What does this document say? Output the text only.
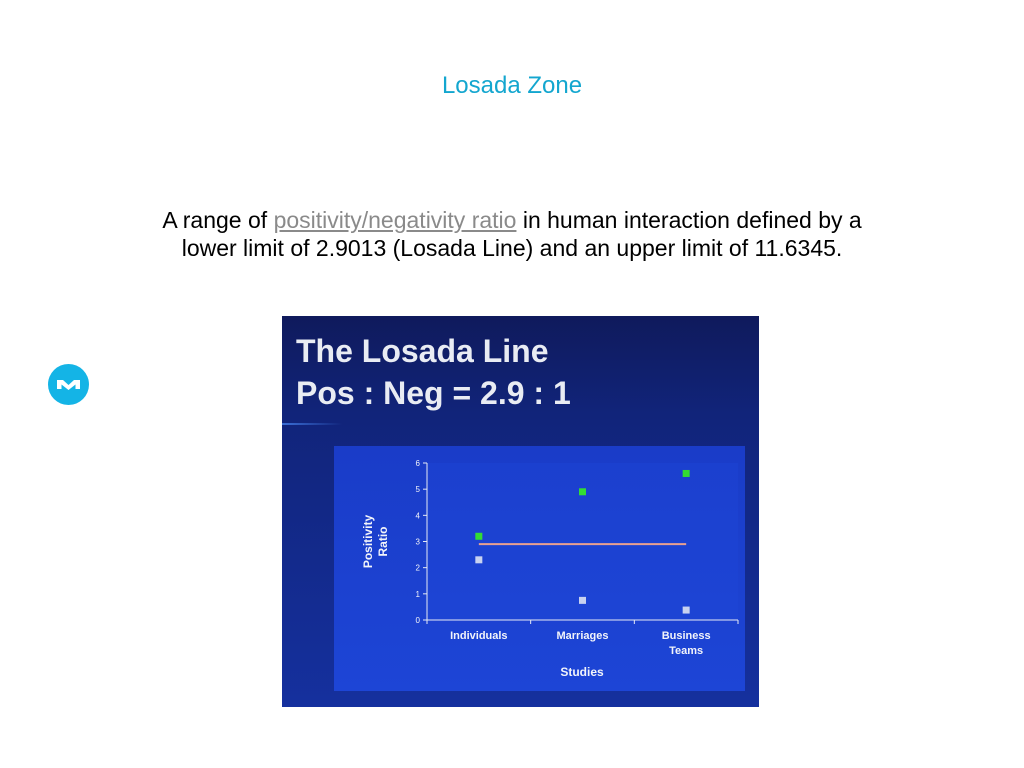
Losada Zone
A range of positivity/negativity ratio in human interaction defined by a lower limit of 2.9013 (Losada Line) and an upper limit of 11.6345.
The Losada Line
Pos : Neg = 2.9 : 1
0
1
2
3
4
5
6
Individuals	Marriages	Business Teams
PositivityRatio
Studies
